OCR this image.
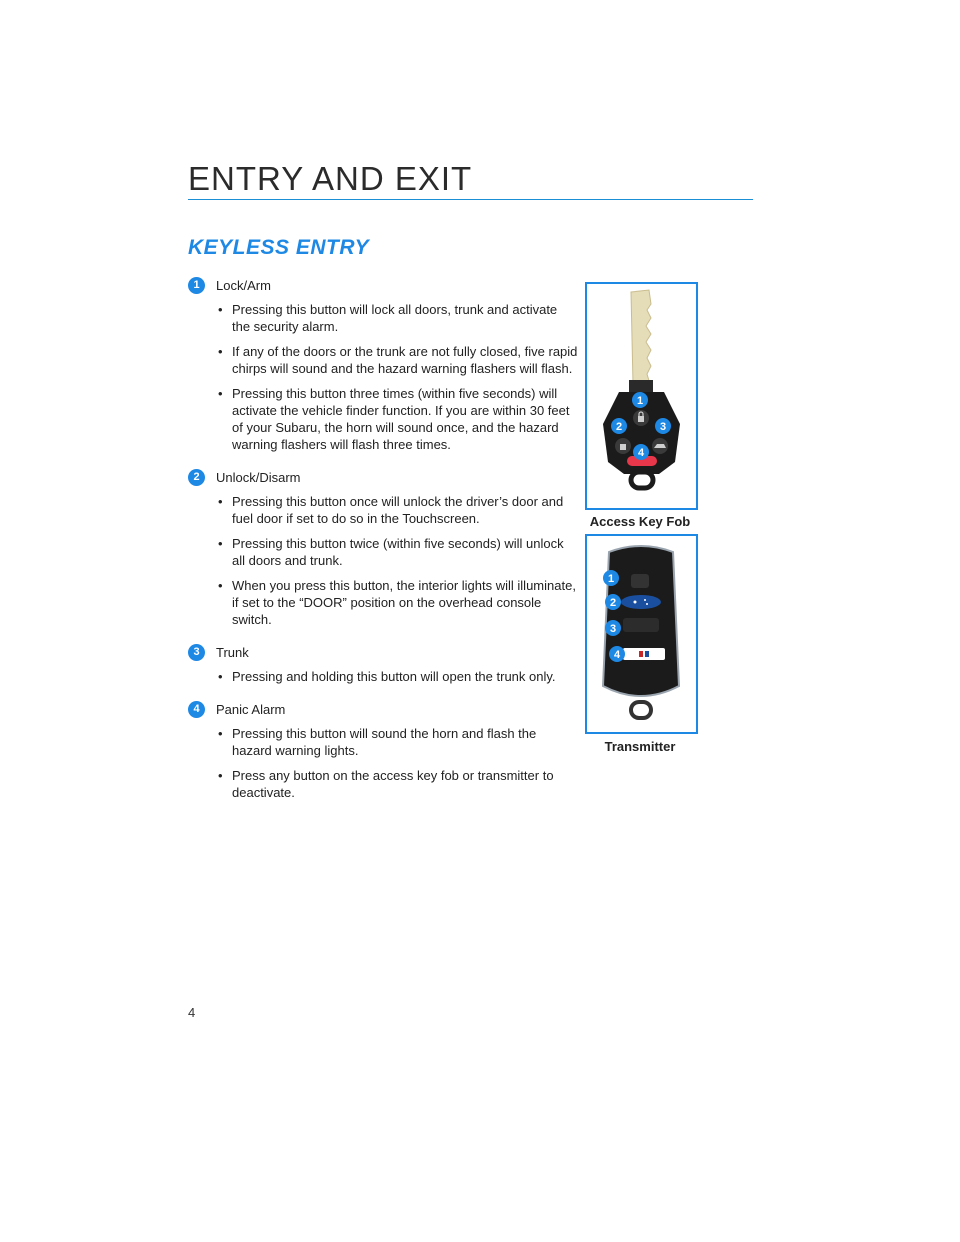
ENTRY AND EXIT
KEYLESS ENTRY
1	Lock/Arm
• Pressing this button will lock all doors, trunk and activate the security alarm.
• If any of the doors or the trunk are not fully closed, five rapid chirps will sound and the hazard warning flashers will flash.
• Pressing this button three times (within five seconds) will activate the vehicle finder function. If you are within 30 feet of your Subaru, the horn will sound once, and the hazard warning flashers will flash three times.
2	Unlock/Disarm
• Pressing this button once will unlock the driver’s door and fuel door if set to do so in the Touchscreen.
• Pressing this button twice (within five seconds) will unlock all doors and trunk.
• When you press this button, the interior lights will illuminate, if set to the “DOOR” position on the overhead console switch.
3	Trunk
• Pressing and holding this button will open the trunk only.
4	Panic Alarm
• Pressing this button will sound the horn and flash the hazard warning lights.
• Press any button on the access key fob or transmitter to deactivate.
1
2	3
4
Access Key Fob
1
2
3
4
Transmitter
4
